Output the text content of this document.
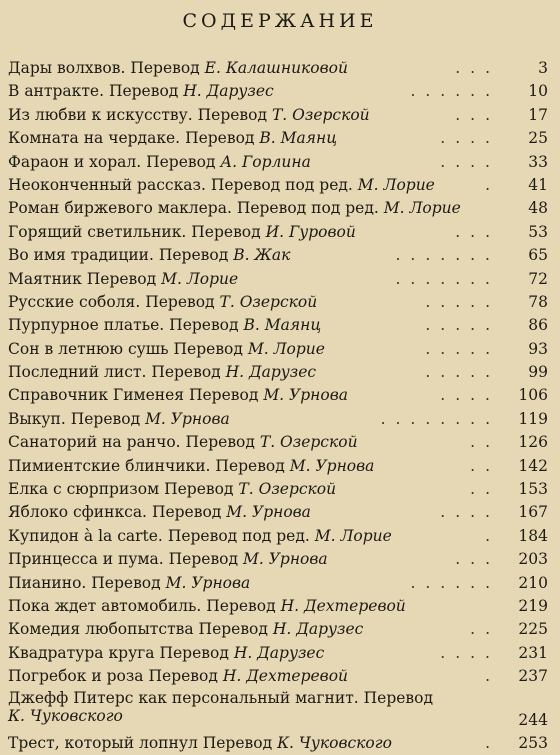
СОДЕРЖАНИЕ
Дары волхвов. Перевод Е. Калашниковой	...	3
В антракте. Перевод Н. Дарузес	......	10
Из любви к искусству. Перевод Т. Озерской	...	17
Комната на чердаке. Перевод В. Маянц	....	25
Фараон и хорал. Перевод А. Горлина	....	33
Неоконченный рассказ. Перевод под ред. М. Лорие	.	41
Роман биржевого маклера. Перевод под ред. М. Лорие	48
Горящий светильник. Перевод И. Гуровой	...	53
Во имя традиции. Перевод В. Жак	.......	65
Маятник Перевод М. Лорие	.......	72
Русские соболя. Перевод Т. Озерской	.....	78
Пурпурное платье. Перевод В. Маянц	.....	86
Сон в летнюю сушь Перевод М. Лорие	.....	93
Последний лист. Перевод Н. Дарузес	.....	99
Справочник Гименея Перевод М. Урнова	....	106
Выкуп. Перевод М. Урнова	........	119
Санаторий на ранчо. Перевод Т. Озерской	..	126
Пимиентские блинчики. Перевод М. Урнова	..	142
Елка с сюрпризом Перевод Т. Озерской	..	153
Яблоко сфинкса. Перевод М. Урнова	....	167
Купидон à la carte. Перевод под ред. М. Лорие	.	184
Принцесса и пума. Перевод М. Урнова	...	203
Пианино. Перевод М. Урнова	......	210
Пока ждет автомобиль. Перевод Н. Дехтеревой	219
Комедия любопытства Перевод Н. Дарузес	..	225
Квадратура круга Перевод Н. Дарузес	....	231
Погребок и роза Перевод Н. Дехтеревой	.	237
Джефф Питерс как персональный магнит. Перевод
К. Чуковского	244
Трест, который лопнул Перевод К. Чуковского	.	253
